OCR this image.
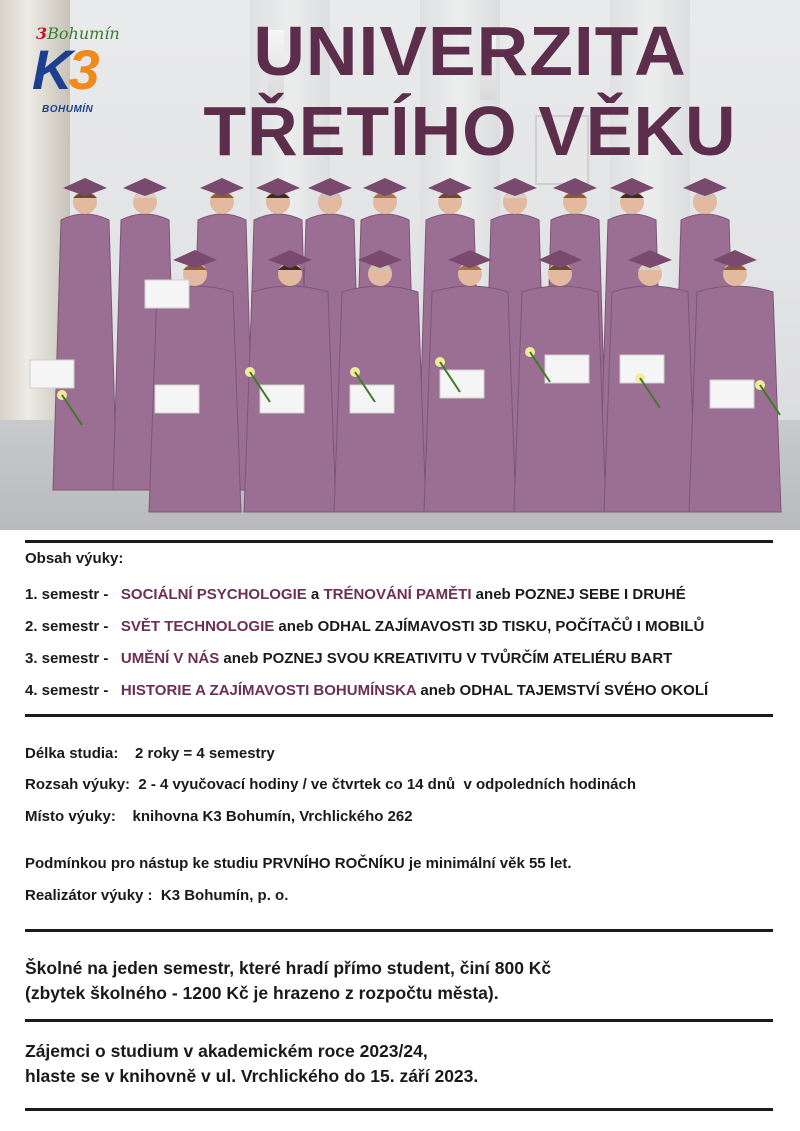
3Bohumín
K3
BOHUMÍN
UNIVERZITA
TŘETÍHO VĚKU
Obsah výuky:
1. semestr - SOCIÁLNÍ PSYCHOLOGIE a TRÉNOVÁNÍ PAMĚTI aneb POZNEJ SEBE I DRUHÉ
2. semestr - SVĚT TECHNOLOGIE aneb ODHAL ZAJÍMAVOSTI 3D TISKU, POČÍTAČŮ I MOBILŮ
3. semestr - UMĚNÍ V NÁS aneb POZNEJ SVOU KREATIVITU V TVŮRČÍM ATELIÉRU BART
4. semestr - HISTORIE A ZAJÍMAVOSTI BOHUMÍNSKA aneb ODHAL TAJEMSTVÍ SVÉHO OKOLÍ
Délka studia:    2 roky = 4 semestry
Rozsah výuky:  2 - 4 vyučovací hodiny / ve čtvrtek co 14 dnů  v odpoledních hodinách
Místo výuky:    knihovna K3 Bohumín, Vrchlického 262
Podmínkou pro nástup ke studiu PRVNÍHO ROČNÍKU je minimální věk 55 let.
Realizátor výuky :  K3 Bohumín, p. o.
Školné na jeden semestr, které hradí přímo student, činí 800 Kč
(zbytek školného - 1200 Kč je hrazeno z rozpočtu města).
Zájemci o studium v akademickém roce 2023/24,
hlaste se v knihovně v ul. Vrchlického do 15. září 2023.
